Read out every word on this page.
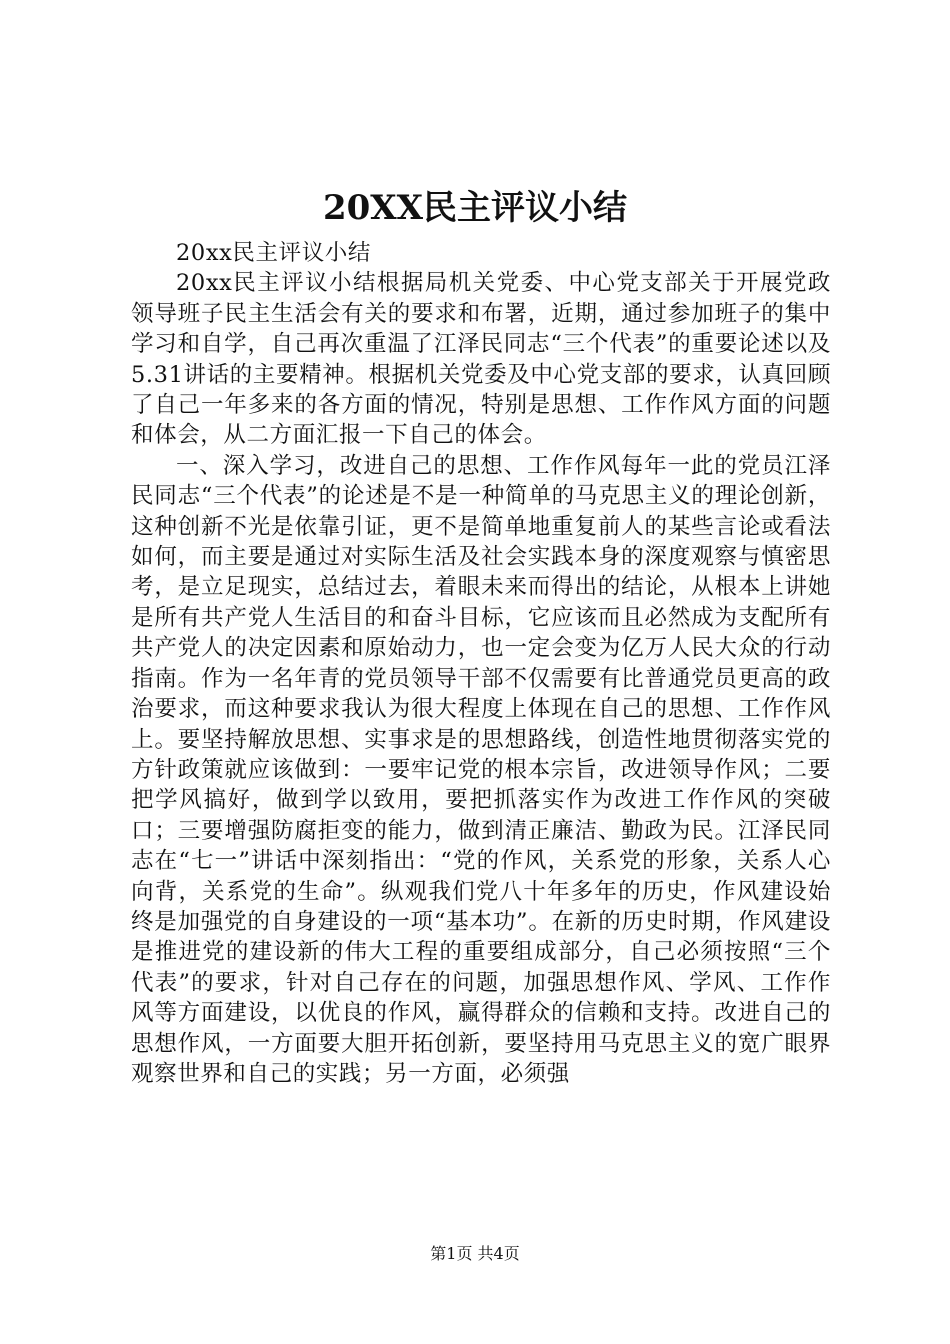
20XX民主评议小结

20xx民主评议小结

20xx民主评议小结根据局机关党委、中心党支部关于开展党政领导班子民主生活会有关的要求和布署，近期，通过参加班子的集中学习和自学，自己再次重温了江泽民同志“三个代表”的重要论述以及5.31讲话的主要精神。根据机关党委及中心党支部的要求，认真回顾了自己一年多来的各方面的情况，特别是思想、工作作风方面的问题和体会，从二方面汇报一下自己的体会。

一、深入学习，改进自己的思想、工作作风每年一此的党员江泽民同志“三个代表”的论述是不是一种简单的马克思主义的理论创新，这种创新不光是依靠引证，更不是简单地重复前人的某些言论或看法如何，而主要是通过对实际生活及社会实践本身的深度观察与慎密思考，是立足现实，总结过去，着眼未来而得出的结论，从根本上讲她是所有共产党人生活目的和奋斗目标，它应该而且必然成为支配所有共产党人的决定因素和原始动力，也一定会变为亿万人民大众的行动指南。作为一名年青的党员领导干部不仅需要有比普通党员更高的政治要求，而这种要求我认为很大程度上体现在自己的思想、工作作风上。要坚持解放思想、实事求是的思想路线，创造性地贯彻落实党的方针政策就应该做到：一要牢记党的根本宗旨，改进领导作风；二要把学风搞好，做到学以致用，要把抓落实作为改进工作作风的突破口；三要增强防腐拒变的能力，做到清正廉洁、勤政为民。江泽民同志在“七一”讲话中深刻指出：“党的作风，关系党的形象，关系人心向背，关系党的生命”。纵观我们党八十年多年的历史，作风建设始终是加强党的自身建设的一项“基本功”。在新的历史时期，作风建设是推进党的建设新的伟大工程的重要组成部分，自己必须按照“三个代表”的要求，针对自己存在的问题，加强思想作风、学风、工作作风等方面建设，以优良的作风，赢得群众的信赖和支持。改进自己的思想作风，一方面要大胆开拓创新，要坚持用马克思主义的宽广眼界观察世界和自己的实践；另一方面，必须强

第1页 共4页
